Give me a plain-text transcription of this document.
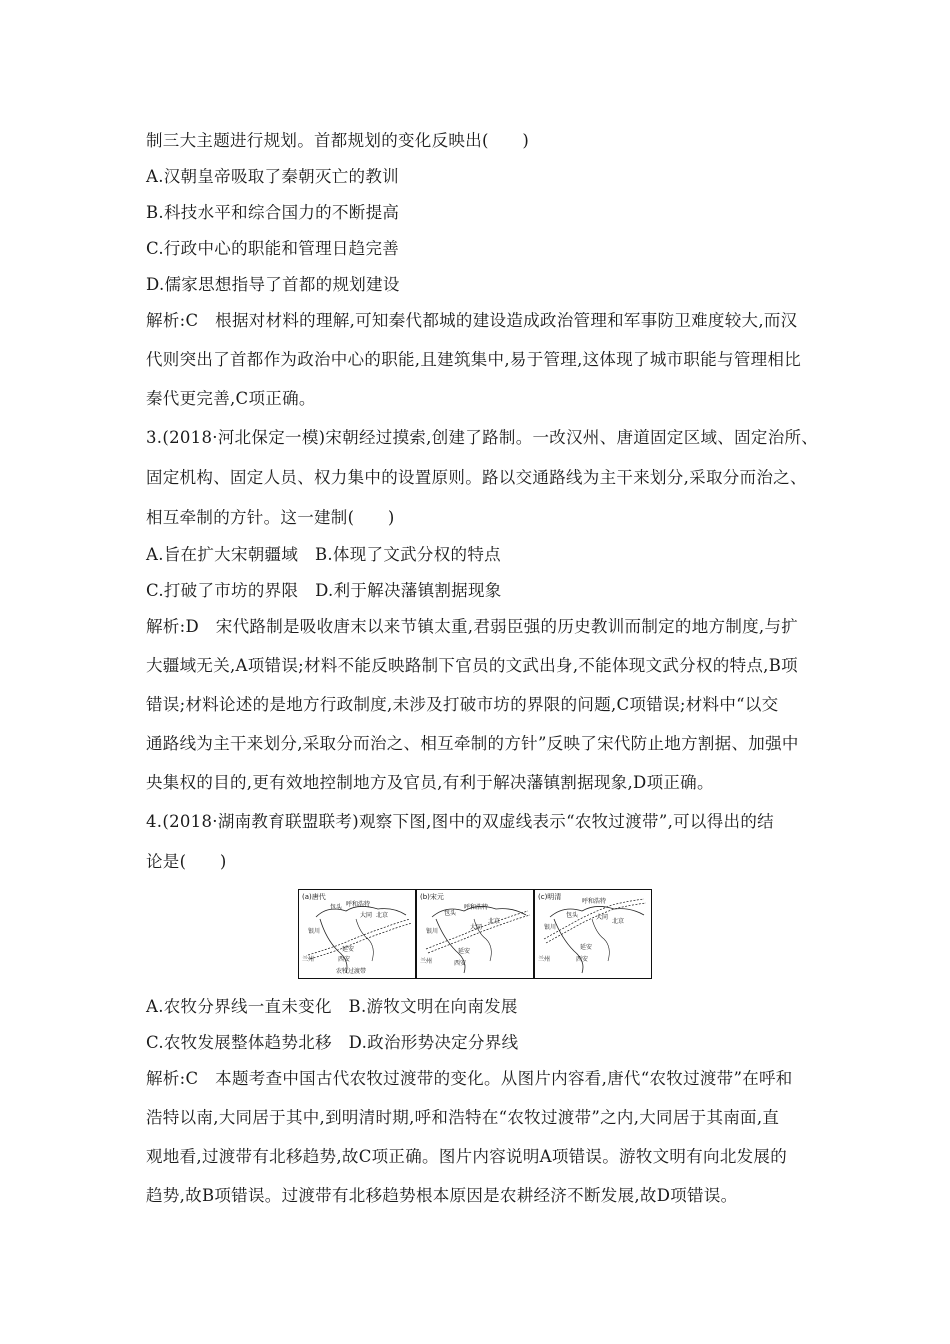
制三大主题进行规划。首都规划的变化反映出(　　)
A.汉朝皇帝吸取了秦朝灭亡的教训
B.科技水平和综合国力的不断提高
C.行政中心的职能和管理日趋完善
D.儒家思想指导了首都的规划建设
解析:C　根据对材料的理解,可知秦代都城的建设造成政治管理和军事防卫难度较大,而汉
代则突出了首都作为政治中心的职能,且建筑集中,易于管理,这体现了城市职能与管理相比
秦代更完善,C项正确。
3.(2018·河北保定一模)宋朝经过摸索,创建了路制。一改汉州、唐道固定区域、固定治所、
固定机构、固定人员、权力集中的设置原则。路以交通路线为主干来划分,采取分而治之、
相互牵制的方针。这一建制(　　)
A.旨在扩大宋朝疆域　B.体现了文武分权的特点
C.打破了市坊的界限　D.利于解决藩镇割据现象
解析:D　宋代路制是吸收唐末以来节镇太重,君弱臣强的历史教训而制定的地方制度,与扩
大疆域无关,A项错误;材料不能反映路制下官员的文武出身,不能体现文武分权的特点,B项
错误;材料论述的是地方行政制度,未涉及打破市坊的界限的问题,C项错误;材料中“以交
通路线为主干来划分,采取分而治之、相互牵制的方针”反映了宋代防止地方割据、加强中
央集权的目的,更有效地控制地方及官员,有利于解决藩镇割据现象,D项正确。
4.(2018·湖南教育联盟联考)观察下图,图中的双虚线表示“农牧过渡带”,可以得出的结
论是(　　)
(a)唐代
包头 呼和浩特
大同 北京
银川
延安
西安
兰州
农牧过渡带
(b)宋元
包头
呼和浩特
大同
北京
银川
延安
西安
兰州
(c)明清
包头
呼和浩特
大同
北京
银川
延安
西安
兰州
A.农牧分界线一直未变化　B.游牧文明在向南发展
C.农牧发展整体趋势北移　D.政治形势决定分界线
解析:C　本题考查中国古代农牧过渡带的变化。从图片内容看,唐代“农牧过渡带”在呼和
浩特以南,大同居于其中,到明清时期,呼和浩特在“农牧过渡带”之内,大同居于其南面,直
观地看,过渡带有北移趋势,故C项正确。图片内容说明A项错误。游牧文明有向北发展的
趋势,故B项错误。过渡带有北移趋势根本原因是农耕经济不断发展,故D项错误。
